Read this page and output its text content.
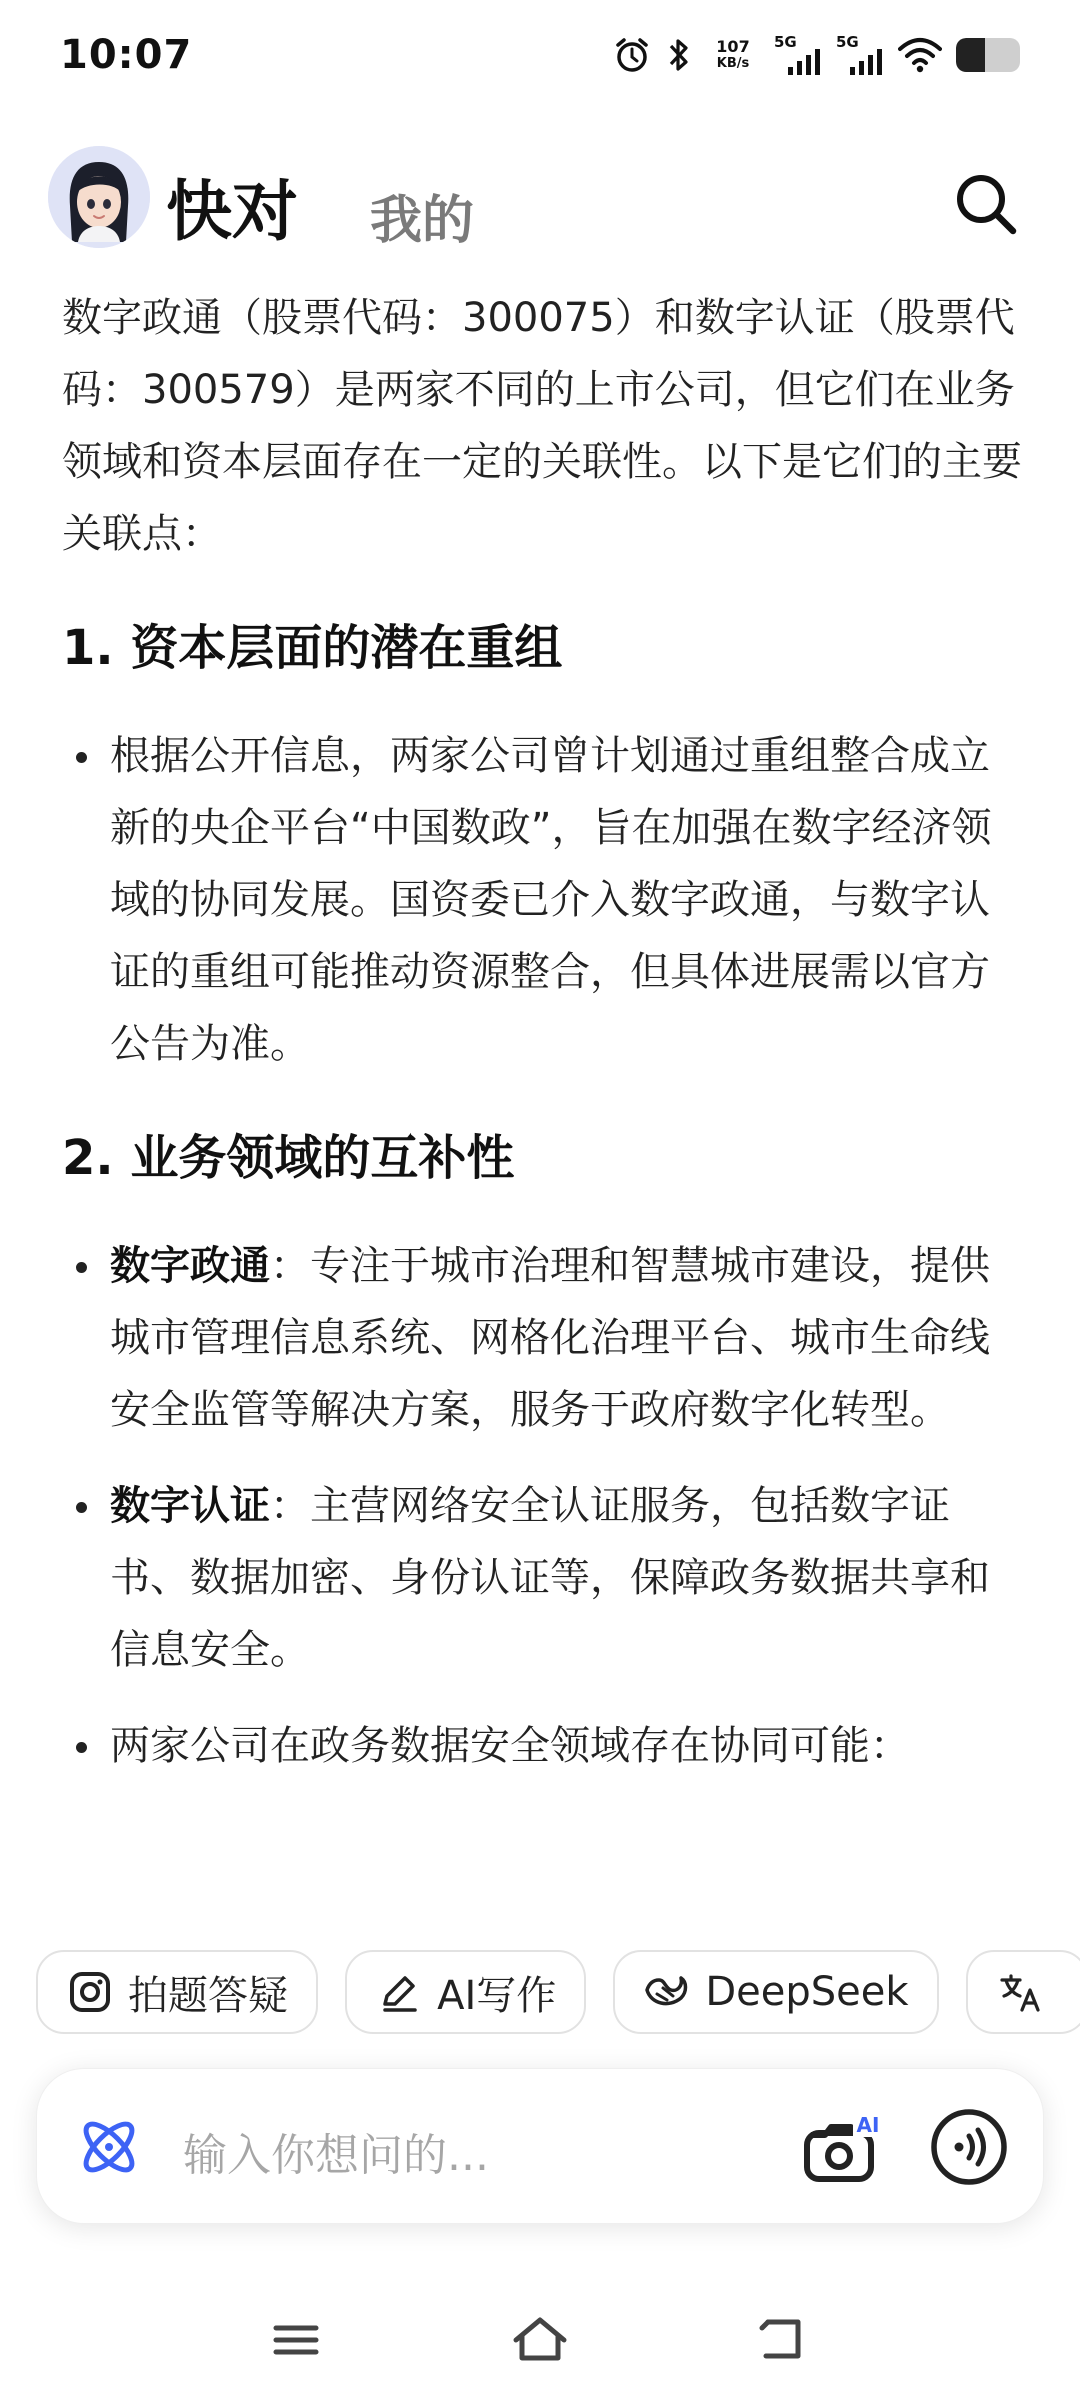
10:07	107
KB/s
5G	5G
快对 我的

数字政通（股票代码：300075）和数字认证（股票代码：300579）是两家不同的上市公司，但它们在业务领域和资本层面存在一定的关联性。以下是它们的主要关联点：

1. 资本层面的潜在重组
根据公开信息，两家公司曾计划通过重组整合成立新的央企平台“中国数政”，旨在加强在数字经济领域的协同发展。国资委已介入数字政通，与数字认证的重组可能推动资源整合，但具体进展需以官方公告为准。
2. 业务领域的互补性
数字政通：专注于城市治理和智慧城市建设，提供城市管理信息系统、网格化治理平台、城市生命线安全监管等解决方案，服务于政府数字化转型。
数字认证：主营网络安全认证服务，包括数字证书、数据加密、身份认证等，保障政务数据共享和信息安全。
两家公司在政务数据安全领域存在协同可能：
拍题答疑
	AI写作
	DeepSeek

输入你想问的...
AI
